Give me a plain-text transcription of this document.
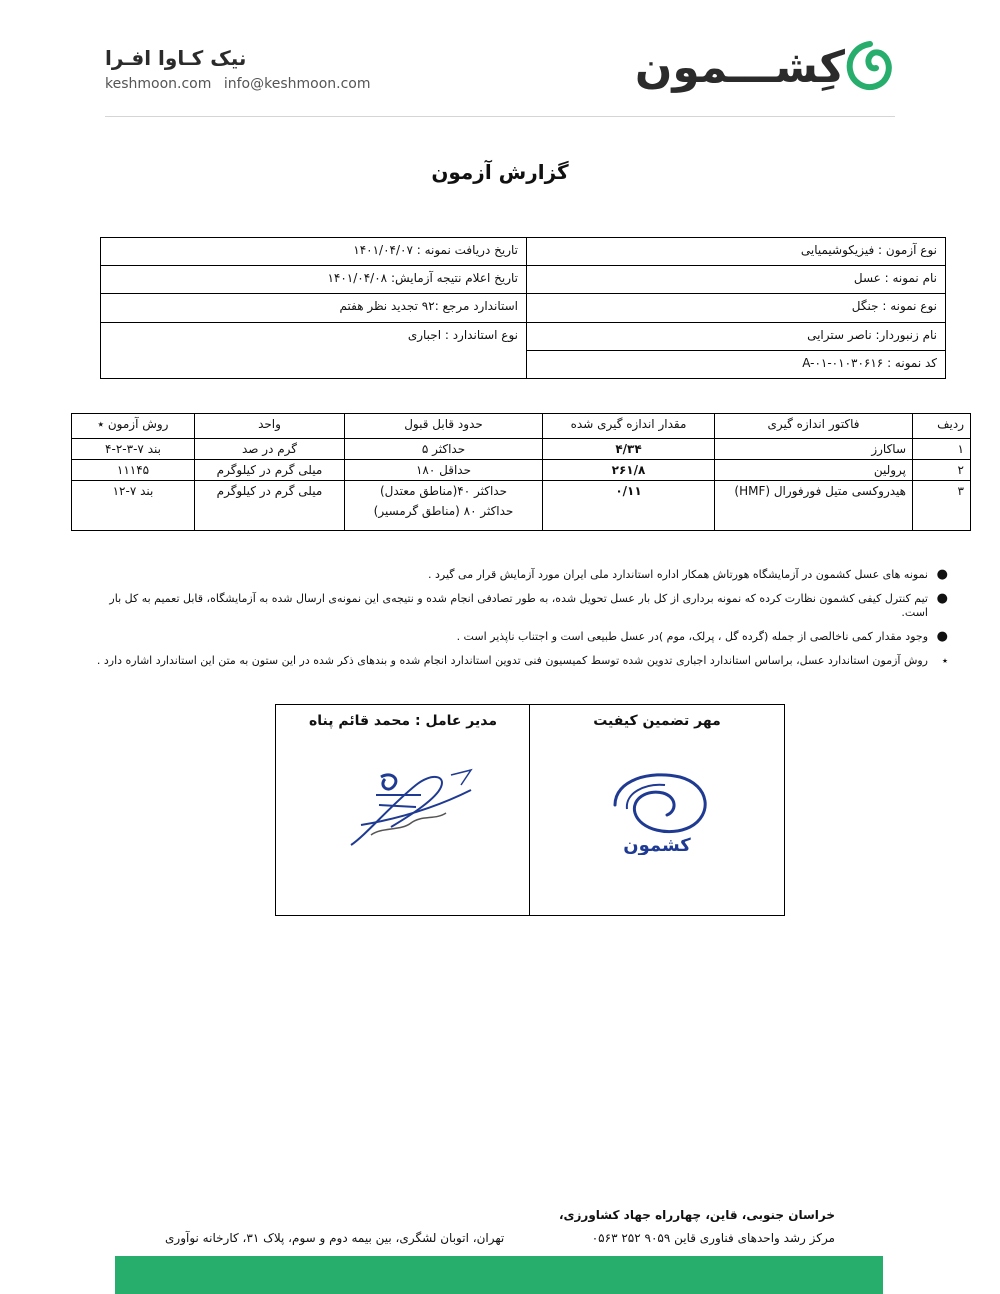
کِشـــمون
نیک کـاوا افـرا
keshmoon.com info@keshmoon.com
گزارش آزمون
نوع آزمون : فیزیکوشیمیایی
نام نمونه : عسل
نوع نمونه : جنگل
نام زنبوردار: ناصر سترایی
کد نمونه : A-۰۱-۰۱۰۳۰۶۱۶
تاریخ دریافت نمونه : ۱۴۰۱/۰۴/۰۷
تاریخ اعلام نتیجه آزمایش: ۱۴۰۱/۰۴/۰۸
استاندارد مرجع :۹۲ تجدید نظر هفتم
نوع استاندارد : اجباری
ردیف	فاکتور اندازه گیری	مقدار اندازه گیری شده	حدود قابل قبول	واحد	روش آزمون ٭
۱	ساکارز	۴/۳۴	حداکثر ۵	گرم در صد	بند ۷-۳-۲-۴
۲	پرولین	۲۶۱/۸	حداقل ۱۸۰	میلی گرم در کیلوگرم	۱۱۱۴۵
۳	هیدروکسی متیل فورفورال (HMF)	۰/۱۱	حداکثر ۴۰(مناطق معتدل)
حداکثر ۸۰ (مناطق گرمسیر)	میلی گرم در کیلوگرم	بند ۷-۱۲
●
نمونه های عسل کشمون در آزمایشگاه هورتاش همکار اداره استاندارد ملی ایران مورد آزمایش قرار می گیرد .
●
تیم کنترل کیفی کشمون نظارت کرده که نمونه برداری از کل بار عسل تحویل شده، به طور تصادفی انجام شده و نتیجه‌ی این نمونه‌ی ارسال شده به آزمایشگاه، قابل تعمیم به کل بار است.
●
وجود مقدار کمی ناخالصی از جمله (گرده گل ، پرلک، موم )در عسل طبیعی است و اجتناب ناپذیر است .
٭
روش آزمون استاندارد عسل، براساس استاندارد اجباری تدوین شده توسط کمیسیون فنی تدوین استاندارد انجام شده و بندهای ذکر شده در این ستون به متن این استاندارد اشاره دارد .
مهر تضمین کیفیت
کشمون
مدیر عامل : محمد قائم پناه
خراسان جنوبی، قاین، چهارراه جهاد کشاورزی،
مرکز رشد واحدهای فناوری قاین ۹۰۵۹ ۲۵۲ ۰۵۶۳
تهران، اتوبان لشگری، بین بیمه دوم و سوم، پلاک ۳۱، کارخانه نوآوری
